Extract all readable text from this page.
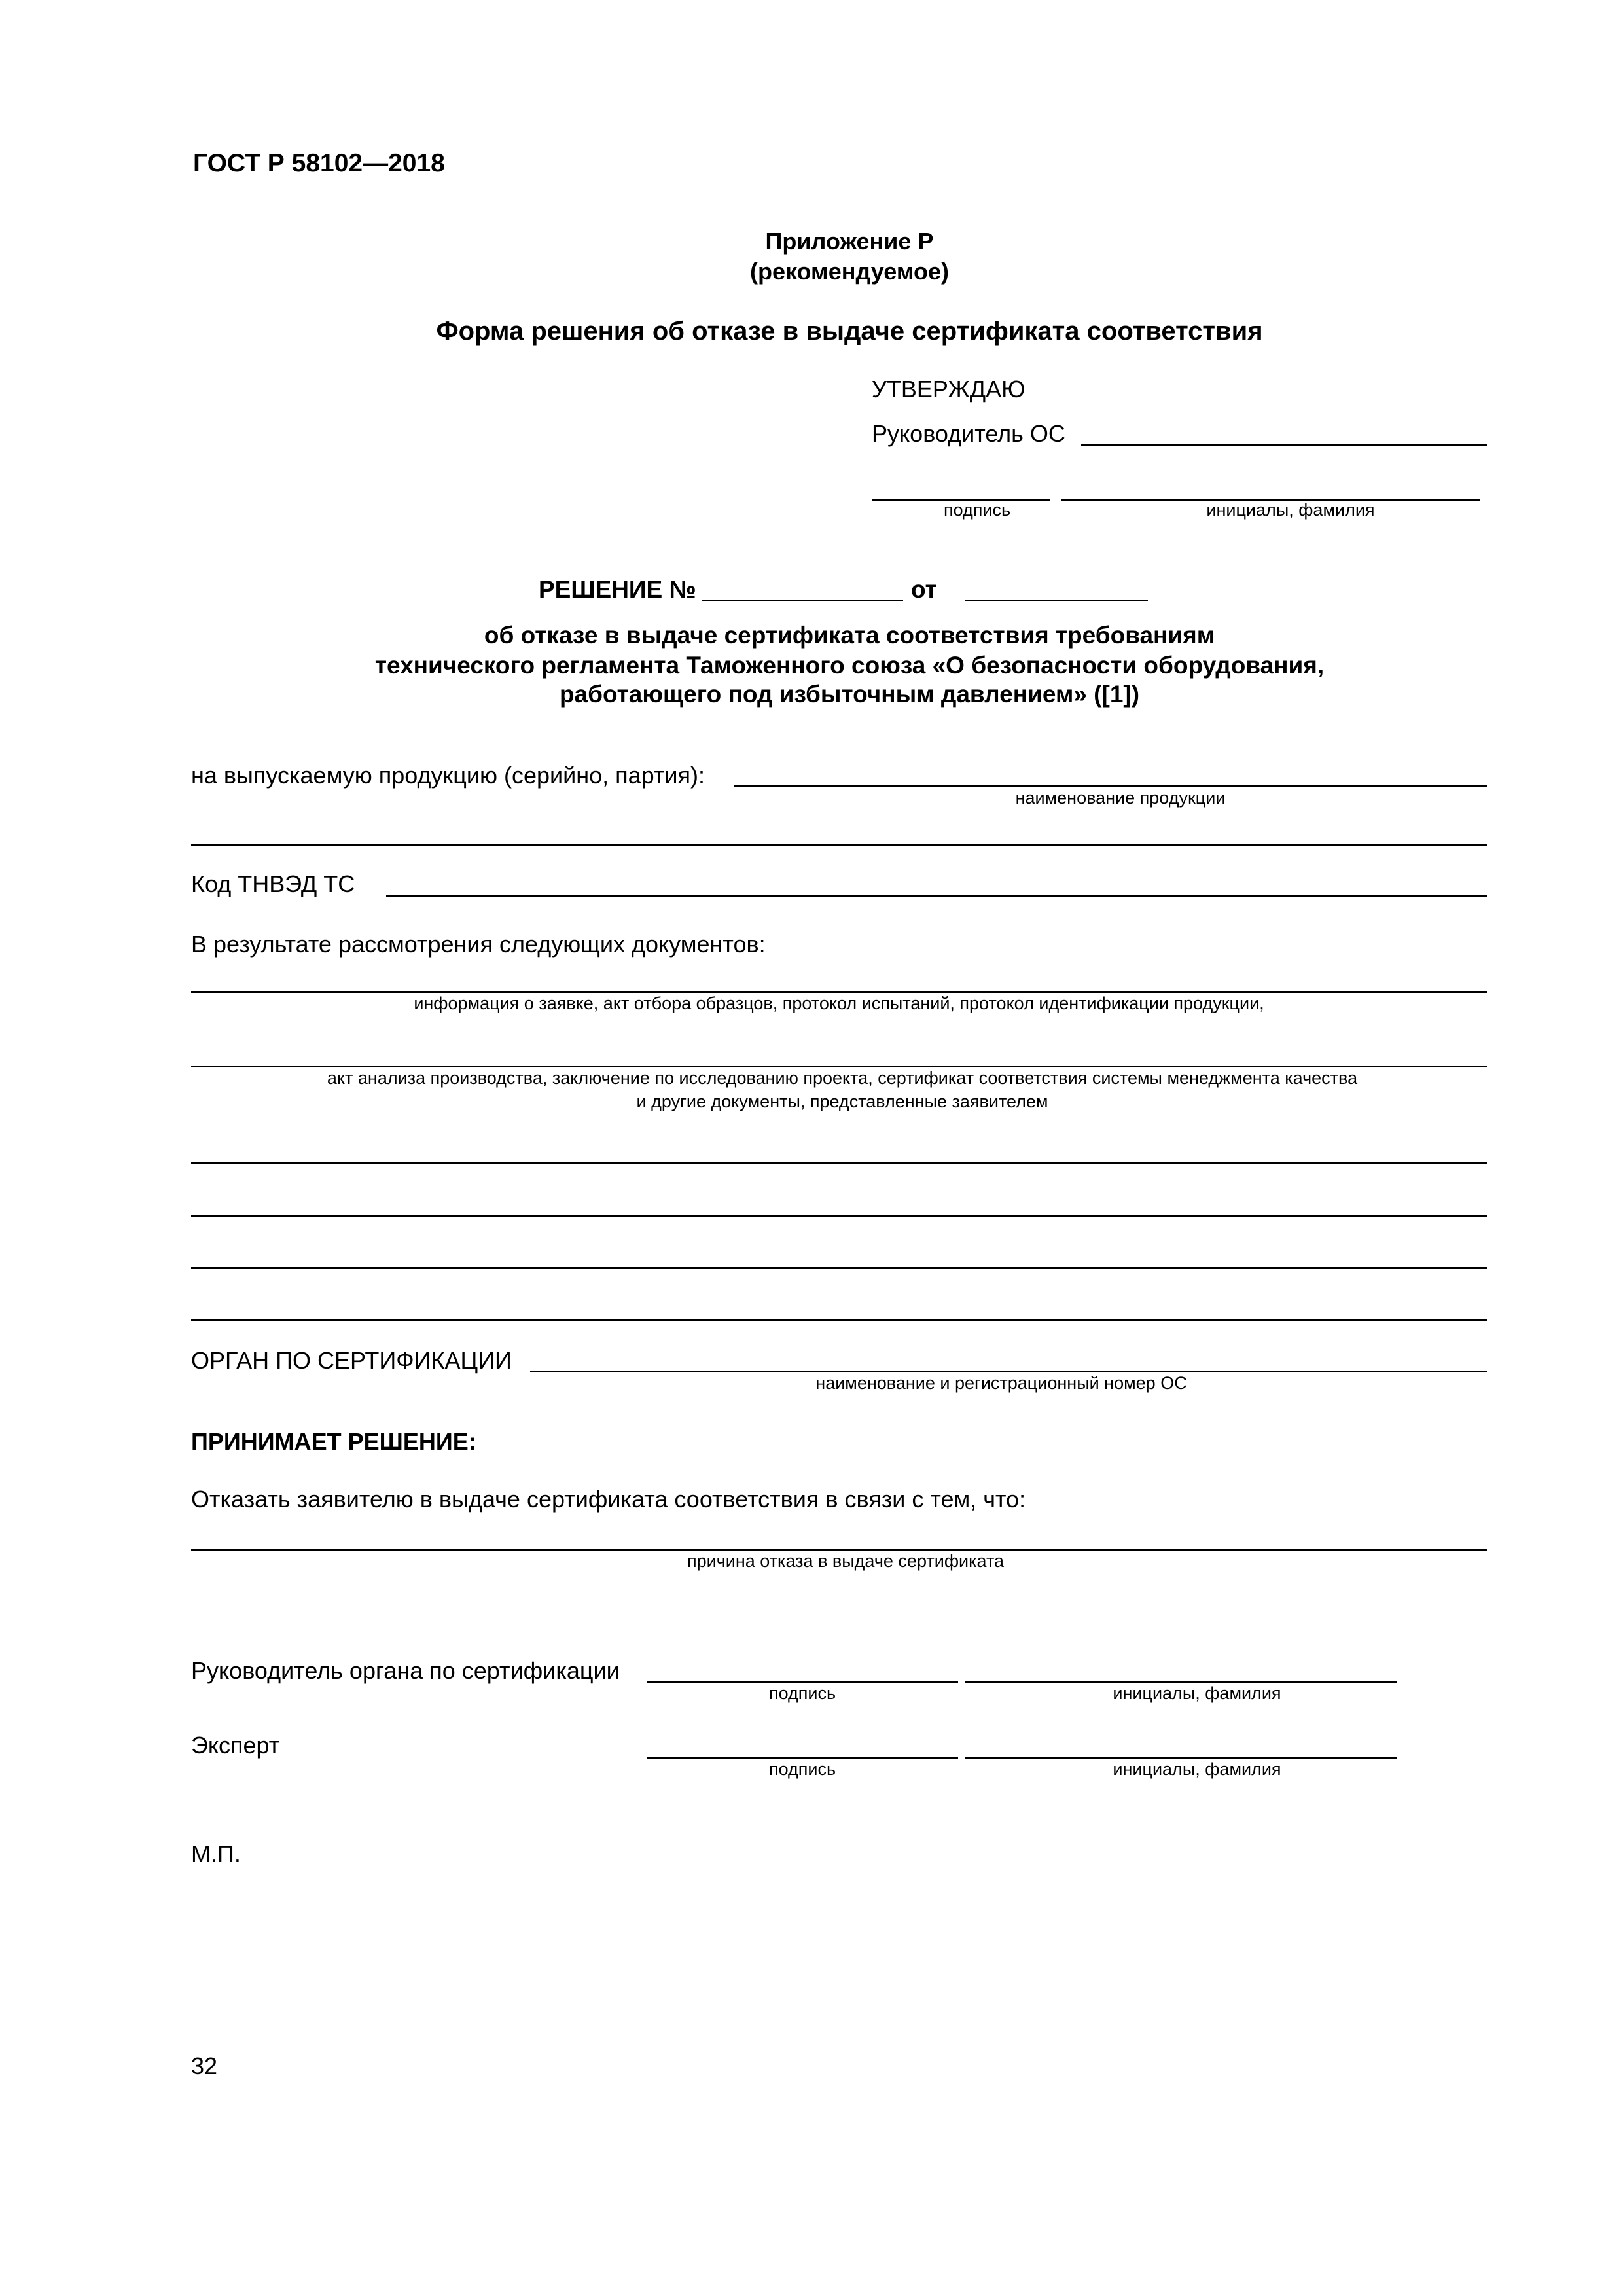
ГОСТ Р 58102—2018
Приложение Р
(рекомендуемое)
Форма решения об отказе в выдаче сертификата соответствия
УТВЕРЖДАЮ
Руководитель ОС
подпись	инициалы, фамилия
РЕШЕНИЕ №	от
об отказе в выдаче сертификата соответствия требованиям
технического регламента Таможенного союза «О безопасности оборудования,
работающего под избыточным давлением» ([1])
на выпускаемую продукцию (серийно, партия):
наименование продукции
Код ТНВЭД ТС
В результате рассмотрения следующих документов:
информация о заявке, акт отбора образцов, протокол испытаний, протокол идентификации продукции,
акт анализа производства, заключение по исследованию проекта, сертификат соответствия системы менеджмента качества
и другие документы, представленные заявителем
ОРГАН ПО СЕРТИФИКАЦИИ
наименование и регистрационный номер ОС
ПРИНИМАЕТ РЕШЕНИЕ:
Отказать заявителю в выдаче сертификата соответствия в связи с тем, что:
причина отказа в выдаче сертификата
Руководитель органа по сертификации
подпись	инициалы, фамилия
Эксперт
подпись	инициалы, фамилия
М.П.
32
